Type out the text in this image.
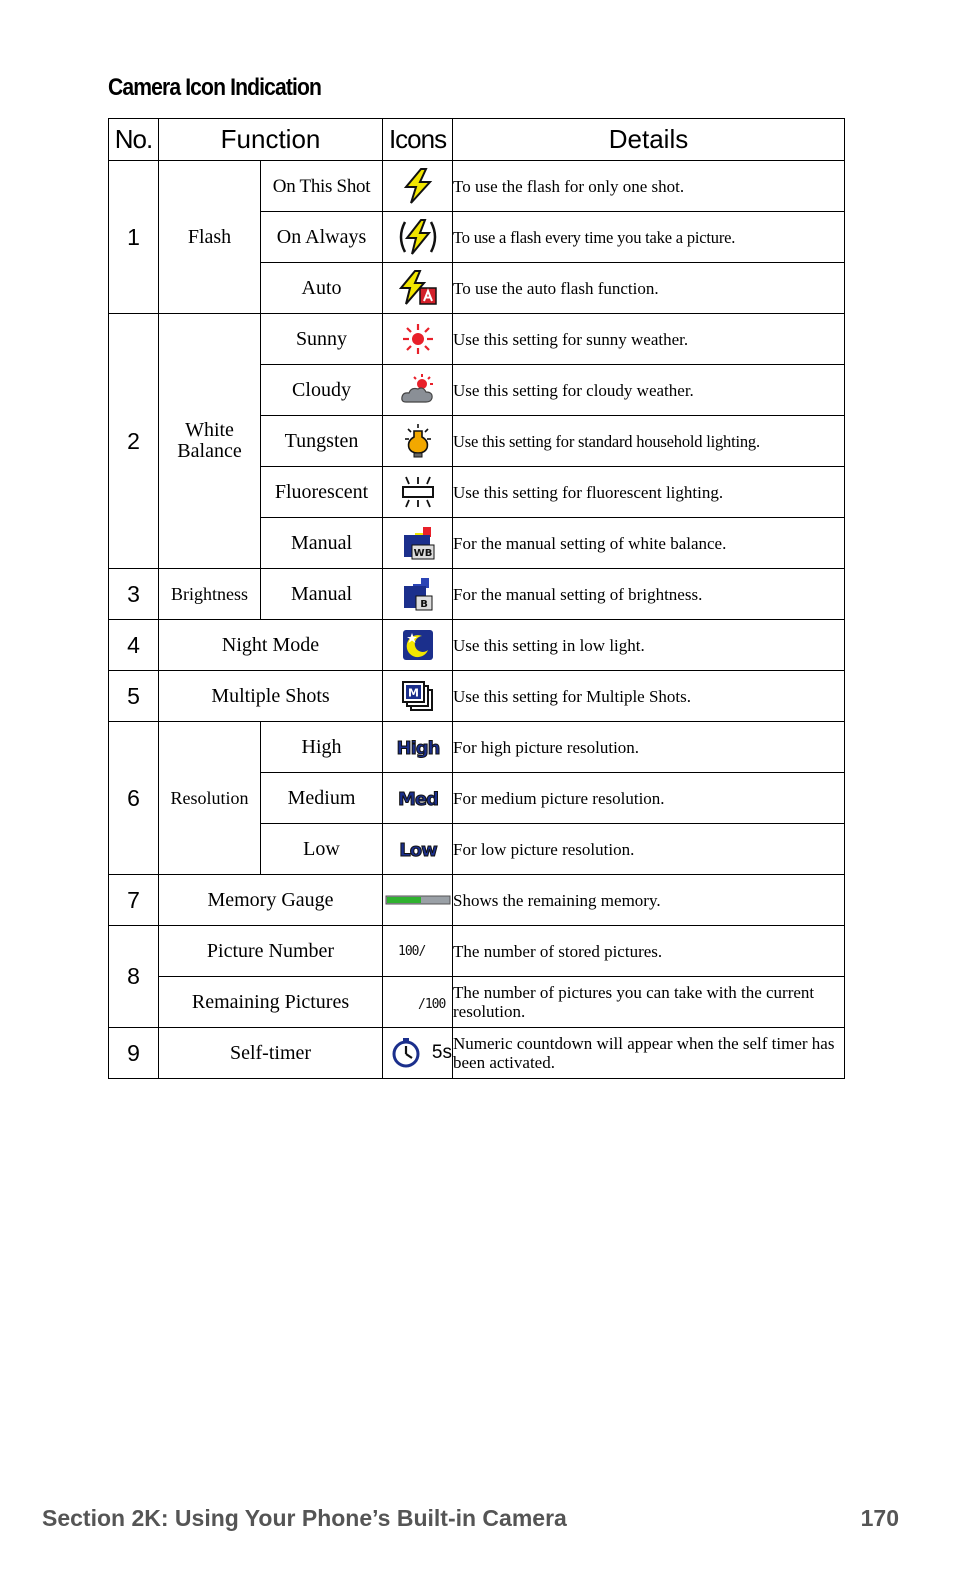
Camera Icon Indication
No.	Function		Icons	Details
1	Flash	On This Shot		To use the flash for only one shot.
		On Always		To use a flash every time you take a picture.
		Auto		To use the auto flash function.
2	White Balance	Sunny		Use this setting for sunny weather.
		Cloudy		Use this setting for cloudy weather.
		Tungsten		Use this setting for standard household lighting.
		Fluorescent		Use this setting for fluorescent lighting.
		Manual	WB	For the manual setting of white balance.
3	Brightness	Manual	B	For the manual setting of brightness.
4	Night Mode			Use this setting in low light.
5	Multiple Shots		M	Use this setting for Multiple Shots.
6	Resolution	High	High	For high picture resolution.
		Medium	Med	For medium picture resolution.
		Low	Low	For low picture resolution.
7	Memory Gauge			Shows the remaining memory.
8	Picture Number		100/	The number of stored pictures.
	Remaining Pictures		/100	The number of pictures you can take with the current resolution.
9	Self-timer		5s	Numeric countdown will appear when the self timer has been activated.
Section 2K: Using Your Phone’s Built-in Camera	170
